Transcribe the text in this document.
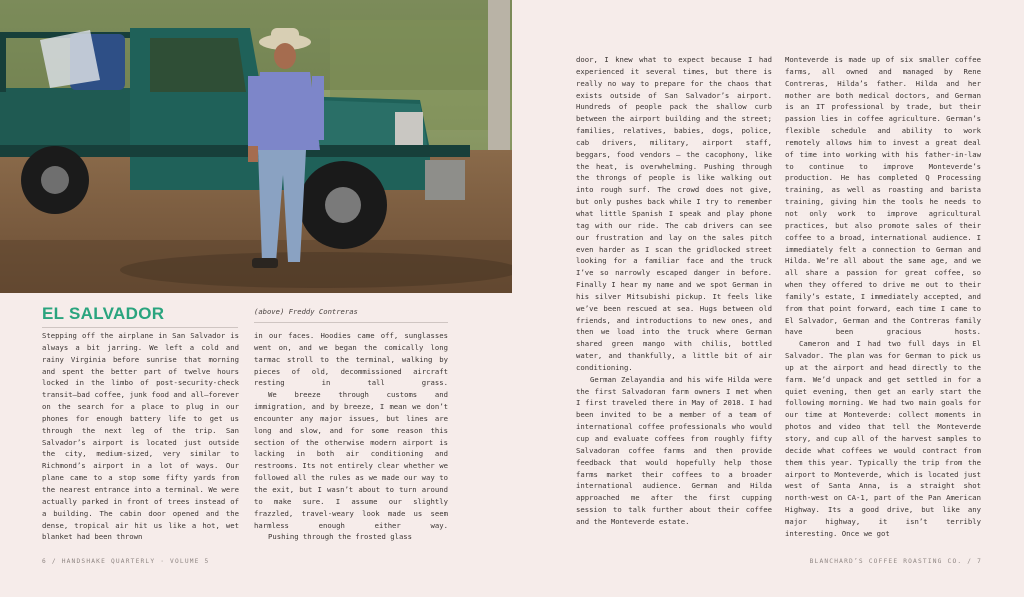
EL SALVADOR	(above) Freddy Contreras

Stepping off the airplane in San Salvador is always a bit jarring. We left a cold and rainy Virginia before sunrise that morning and spent the better part of twelve hours locked in the limbo of post-security-check transit—bad coffee, junk food and all—forever on the search for a place to plug in our phones for enough battery life to get us through the next leg of the trip. San Salvador’s airport is located just outside the city, medium-sized, very similar to Richmond’s airport in a lot of ways. Our plane came to a stop some fifty yards from the nearest entrance into a terminal. We were actually parked in front of trees instead of a building. The cabin door opened and the dense, tropical air hit us like a hot, wet blanket had been thrown

in our faces. Hoodies came off, sunglasses went on, and we began the comically long tarmac stroll to the terminal, walking by pieces of old, decommissioned aircraft resting in tall grass.

We breeze through customs and immigration, and by breeze, I mean we don’t encounter any major issues, but lines are long and slow, and for some reason this section of the otherwise modern airport is lacking in both air conditioning and restrooms. Its not entirely clear whether we followed all the rules as we made our way to the exit, but I wasn’t about to turn around to make sure. I assume our slightly frazzled, travel-weary look made us seem harmless enough either way.

Pushing through the frosted glass

door, I knew what to expect because I had experienced it several times, but there is really no way to prepare for the chaos that exists outside of San Salvador’s airport. Hundreds of people pack the shallow curb between the airport building and the street; families, relatives, babies, dogs, police, cab drivers, military, airport staff, beggars, food vendors — the cacophony, like the heat, is overwhelming. Pushing through the throngs of people is like walking out into rough surf. The crowd does not give, but only pushes back while I try to remember what little Spanish I speak and play phone tag with our ride. The cab drivers can see our frustration and lay on the sales pitch even harder as I scan the gridlocked street looking for a familiar face and the truck I’ve so narrowly escaped danger in before. Finally I hear my name and we spot German in his silver Mitsubishi pickup. It feels like we’ve been rescued at sea. Hugs between old friends, and introductions to new ones, and then we load into the truck where German shared green mango with chilis, bottled water, and thankfully, a little bit of air conditioning.

German Zelayandia and his wife Hilda were the first Salvadoran farm owners I met when I first traveled there in May of 2018. I had been invited to be a member of a team of international coffee professionals who would cup and evaluate coffees from roughly fifty Salvadoran coffee farms and then provide feedback that would hopefully help those farms market their coffees to a broader international audience. German and Hilda approached me after the first cupping session to talk further about their coffee and the Monteverde estate.

Monteverde is made up of six smaller coffee farms, all owned and managed by Rene Contreras, Hilda’s father. Hilda and her mother are both medical doctors, and German is an IT professional by trade, but their passion lies in coffee agriculture. German’s flexible schedule and ability to work remotely allows him to invest a great deal of time into working with his father-in-law to continue to improve Monteverde’s production. He has completed Q Processing training, as well as roasting and barista training, giving him the tools he needs to not only work to improve agricultural practices, but also promote sales of their coffee to a broad, international audience. I immediately felt a connection to German and Hilda. We’re all about the same age, and we all share a passion for great coffee, so when they offered to drive me out to their family’s estate, I immediately accepted, and from that point forward, each time I came to El Salvador, German and the Contreras family have been gracious hosts.

Cameron and I had two full days in El Salvador. The plan was for German to pick us up at the airport and head directly to the farm. We’d unpack and get settled in for a quiet evening, then get an early start the following morning. We had two main goals for our time at Monteverde: collect moments in photos and video that tell the Monteverde story, and cup all of the harvest samples to decide what coffees we would contract from them this year. Typically the trip from the airport to Monteverde, which is located just west of Santa Anna, is a straight shot north-west on CA-1, part of the Pan American Highway. Its a good drive, but like any major highway, it isn’t terribly interesting. Once we got

6 / HANDSHAKE QUARTERLY · VOLUME 5	BLANCHARD’S COFFEE ROASTING CO. / 7
